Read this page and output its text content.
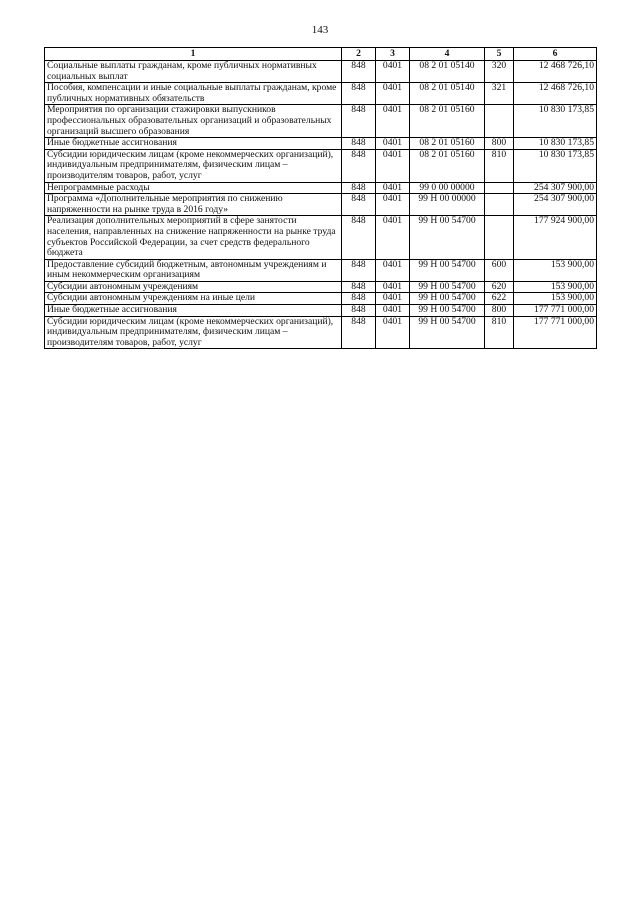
143
1	2	3	4	5	6
Социальные выплаты гражданам, кроме публичных нормативных социальных выплат	848	0401	08 2 01 05140	320	12 468 726,10
Пособия, компенсации и иные социальные выплаты гражданам, кроме публичных нормативных обязательств	848	0401	08 2 01 05140	321	12 468 726,10
Мероприятия по организации стажировки выпускников профессиональных образовательных организаций и образовательных организаций высшего образования	848	0401	08 2 01 05160		10 830 173,85
Иные бюджетные ассигнования	848	0401	08 2 01 05160	800	10 830 173,85
Субсидии юридическим лицам (кроме некоммерческих организаций), индивидуальным предпринимателям, физическим лицам – производителям товаров, работ, услуг	848	0401	08 2 01 05160	810	10 830 173,85
Непрограммные расходы	848	0401	99 0 00 00000		254 307 900,00
Программа «Дополнительные мероприятия по снижению напряженности на рынке труда в 2016 году»	848	0401	99 Н 00 00000		254 307 900,00
Реализация дополнительных мероприятий в сфере занятости населения, направленных на снижение напряженности на рынке труда субъектов Российской Федерации, за счет средств федерального бюджета	848	0401	99 Н 00 54700		177 924 900,00
Предоставление субсидий бюджетным, автономным учреждениям и иным некоммерческим организациям	848	0401	99 Н 00 54700	600	153 900,00
Субсидии автономным учреждениям	848	0401	99 Н 00 54700	620	153 900,00
Субсидии автономным учреждениям на иные цели	848	0401	99 Н 00 54700	622	153 900,00
Иные бюджетные ассигнования	848	0401	99 Н 00 54700	800	177 771 000,00
Субсидии юридическим лицам (кроме некоммерческих организаций), индивидуальным предпринимателям, физическим лицам – производителям товаров, работ, услуг	848	0401	99 Н 00 54700	810	177 771 000,00
